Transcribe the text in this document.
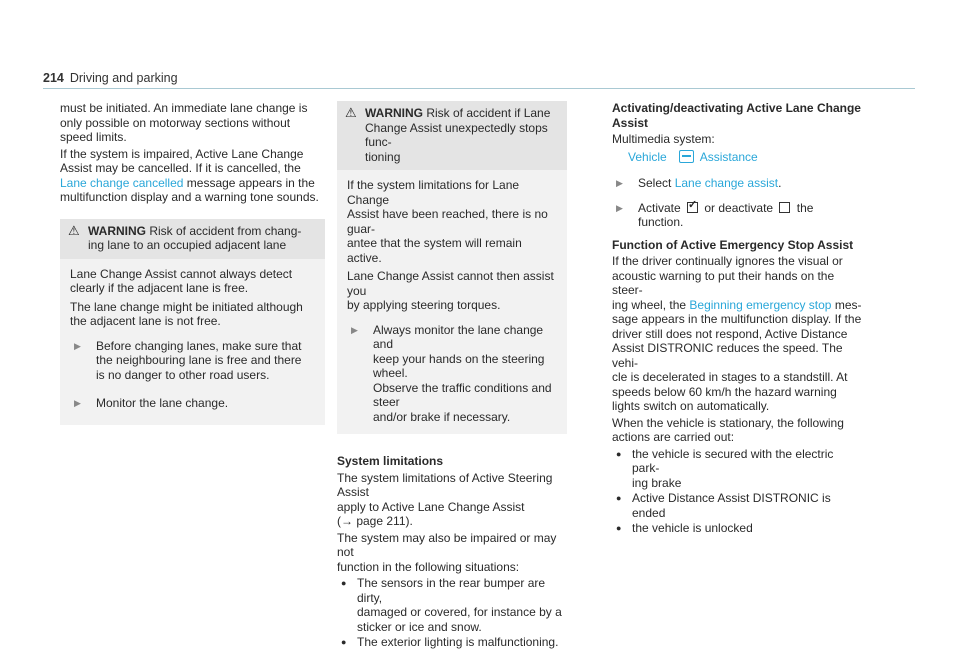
214 Driving and parking

must be initiated. An immediate lane change is
only possible on motorway sections without
speed limits.

If the system is impaired, Active Lane Change
Assist may be cancelled. If it is cancelled, the
Lane change cancelled message appears in the
multifunction display and a warning tone sounds.

⚠ WARNING Risk of accident from chang-
ing lane to an occupied adjacent lane

Lane Change Assist cannot always detect
clearly if the adjacent lane is free.

The lane change might be initiated although
the adjacent lane is not free.

▶	Before changing lanes, make sure that
the neighbouring lane is free and there
is no danger to other road users.
▶	Monitor the lane change.
⚠ WARNING Risk of accident if Lane
Change Assist unexpectedly stops func-
tioning

If the system limitations for Lane Change
Assist have been reached, there is no guar-
antee that the system will remain active.

Lane Change Assist cannot then assist you
by applying steering torques.

▶	Always monitor the lane change and
keep your hands on the steering wheel.
Observe the traffic conditions and steer
and/or brake if necessary.

System limitations

The system limitations of Active Steering Assist
apply to Active Lane Change Assist
(→ page 211).

The system may also be impaired or may not
function in the following situations:

● The sensors in the rear bumper are dirty,
damaged or covered, for instance by a
sticker or ice and snow.
● The exterior lighting is malfunctioning.

Activating/deactivating Active Lane Change
Assist

Multimedia system:

Vehicle	Assistance
▶	Select Lane change assist.
▶	Activate ✓ or deactivate  the function.

Function of Active Emergency Stop Assist

If the driver continually ignores the visual or
acoustic warning to put their hands on the steer-
ing wheel, the Beginning emergency stop mes-
sage appears in the multifunction display. If the
driver still does not respond, Active Distance
Assist DISTRONIC reduces the speed. The vehi-
cle is decelerated in stages to a standstill. At
speeds below 60 km/h the hazard warning
lights switch on automatically.

When the vehicle is stationary, the following
actions are carried out:

● the vehicle is secured with the electric park-
ing brake
● Active Distance Assist DISTRONIC is ended
● the vehicle is unlocked
